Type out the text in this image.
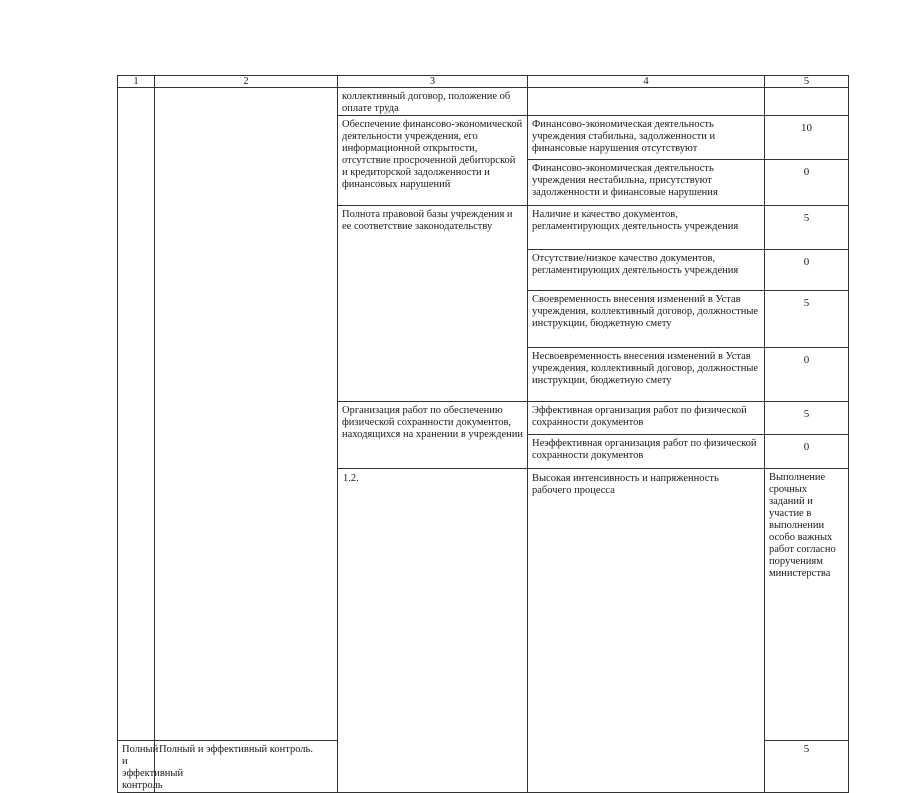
1	2	3	4	5	
		коллективный договор, положение об оплате труда			
		Обеспечение финансово-экономической деятельности учреждения, его информационной открытости, отсутствие просроченной дебиторской и кредиторской задолженности и финансовых нарушений	Финансово-экономическая деятельность учреждения стабильна, задолженности и финансовые нарушения отсутствуют	10	
			Финансово-экономическая деятельность учреждения нестабильна, присутствуют задолженности и финансовые нарушения	0	
		Полнота правовой базы учреждения и ее соответствие законодательству	Наличие и качество документов, регламентирующих деятельность учреждения	5	
			Отсутствие/низкое качество документов, регламентирующих деятельность учреждения	0	
			Своевременность внесения изменений в Устав учреждения, коллективный договор, должностные инструкции, бюджетную смету	5	
			Несвоевременность внесения изменений в Устав учреждения, коллективный договор, должностные инструкции, бюджетную смету	0	
		Организация работ по обеспечению физической сохранности документов, находящихся на хранении в учреждении	Эффективная организация работ по физической сохранности документов	5	
			Неэффективная организация работ по физической сохранности документов	0	
		1.2.	Высокая интенсивность и напряженность рабочего процесса	Выполнение срочных заданий и участие в выполнении особо важных работ согласно поручениям министерства		

Полный и эффективный контроль	Полный и эффективный контроль.			5	
